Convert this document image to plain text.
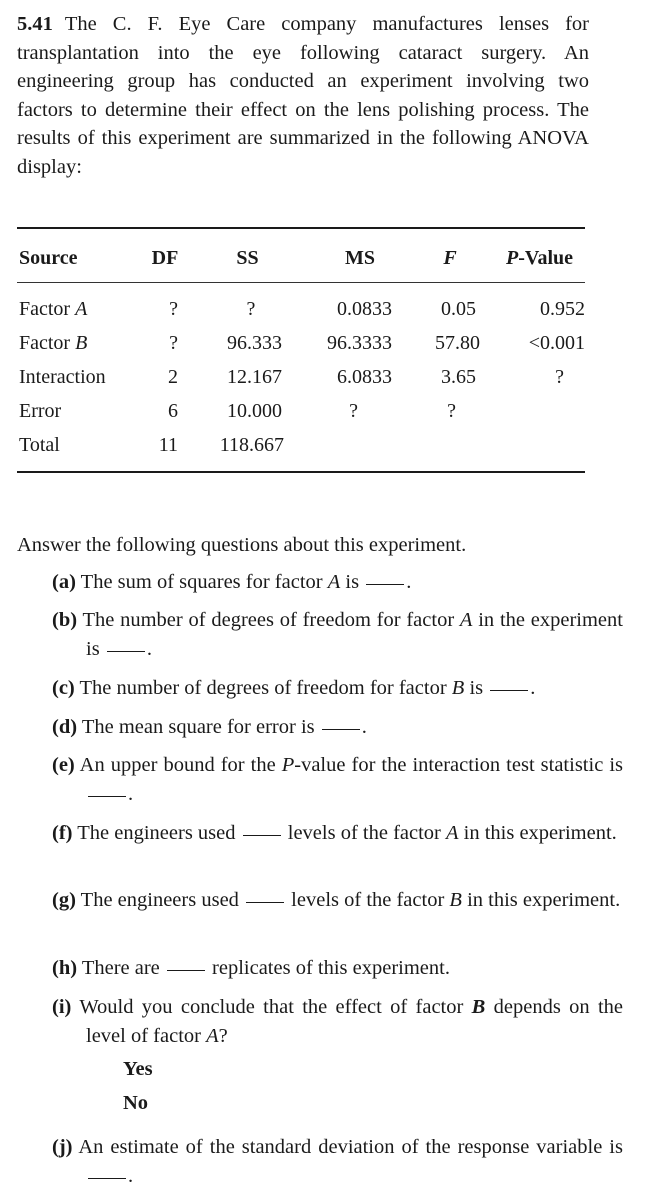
5.41 The C. F. Eye Care company manufactures lenses for transplantation into the eye following cataract surgery. An engineering group has conducted an experiment involving two factors to determine their effect on the lens polishing process. The results of this experiment are summarized in the following ANOVA display:
Source	DF	SS	MS	F	P-Value
Factor A	?	?	0.0833	0.05	0.952
Factor B	?	96.333	96.3333	57.80	<0.001
Interaction	2	12.167	6.0833	3.65	?
Error	6	10.000	?	?
Total	11	118.667
Answer the following questions about this experiment.
(a) The sum of squares for factor A is .
(b) The number of degrees of freedom for factor A in the experiment is .
(c) The number of degrees of freedom for factor B is .
(d) The mean square for error is .
(e) An upper bound for the P-value for the interaction test statistic is .
(f) The engineers used	levels of the factor A in this experiment.
(g) The engineers used	levels of the factor B in this experiment.
(h) There are	replicates of this experiment.
(i) Would you conclude that the effect of factor B depends on the level of factor A?
Yes
No
(j) An estimate of the standard deviation of the response variable is .
